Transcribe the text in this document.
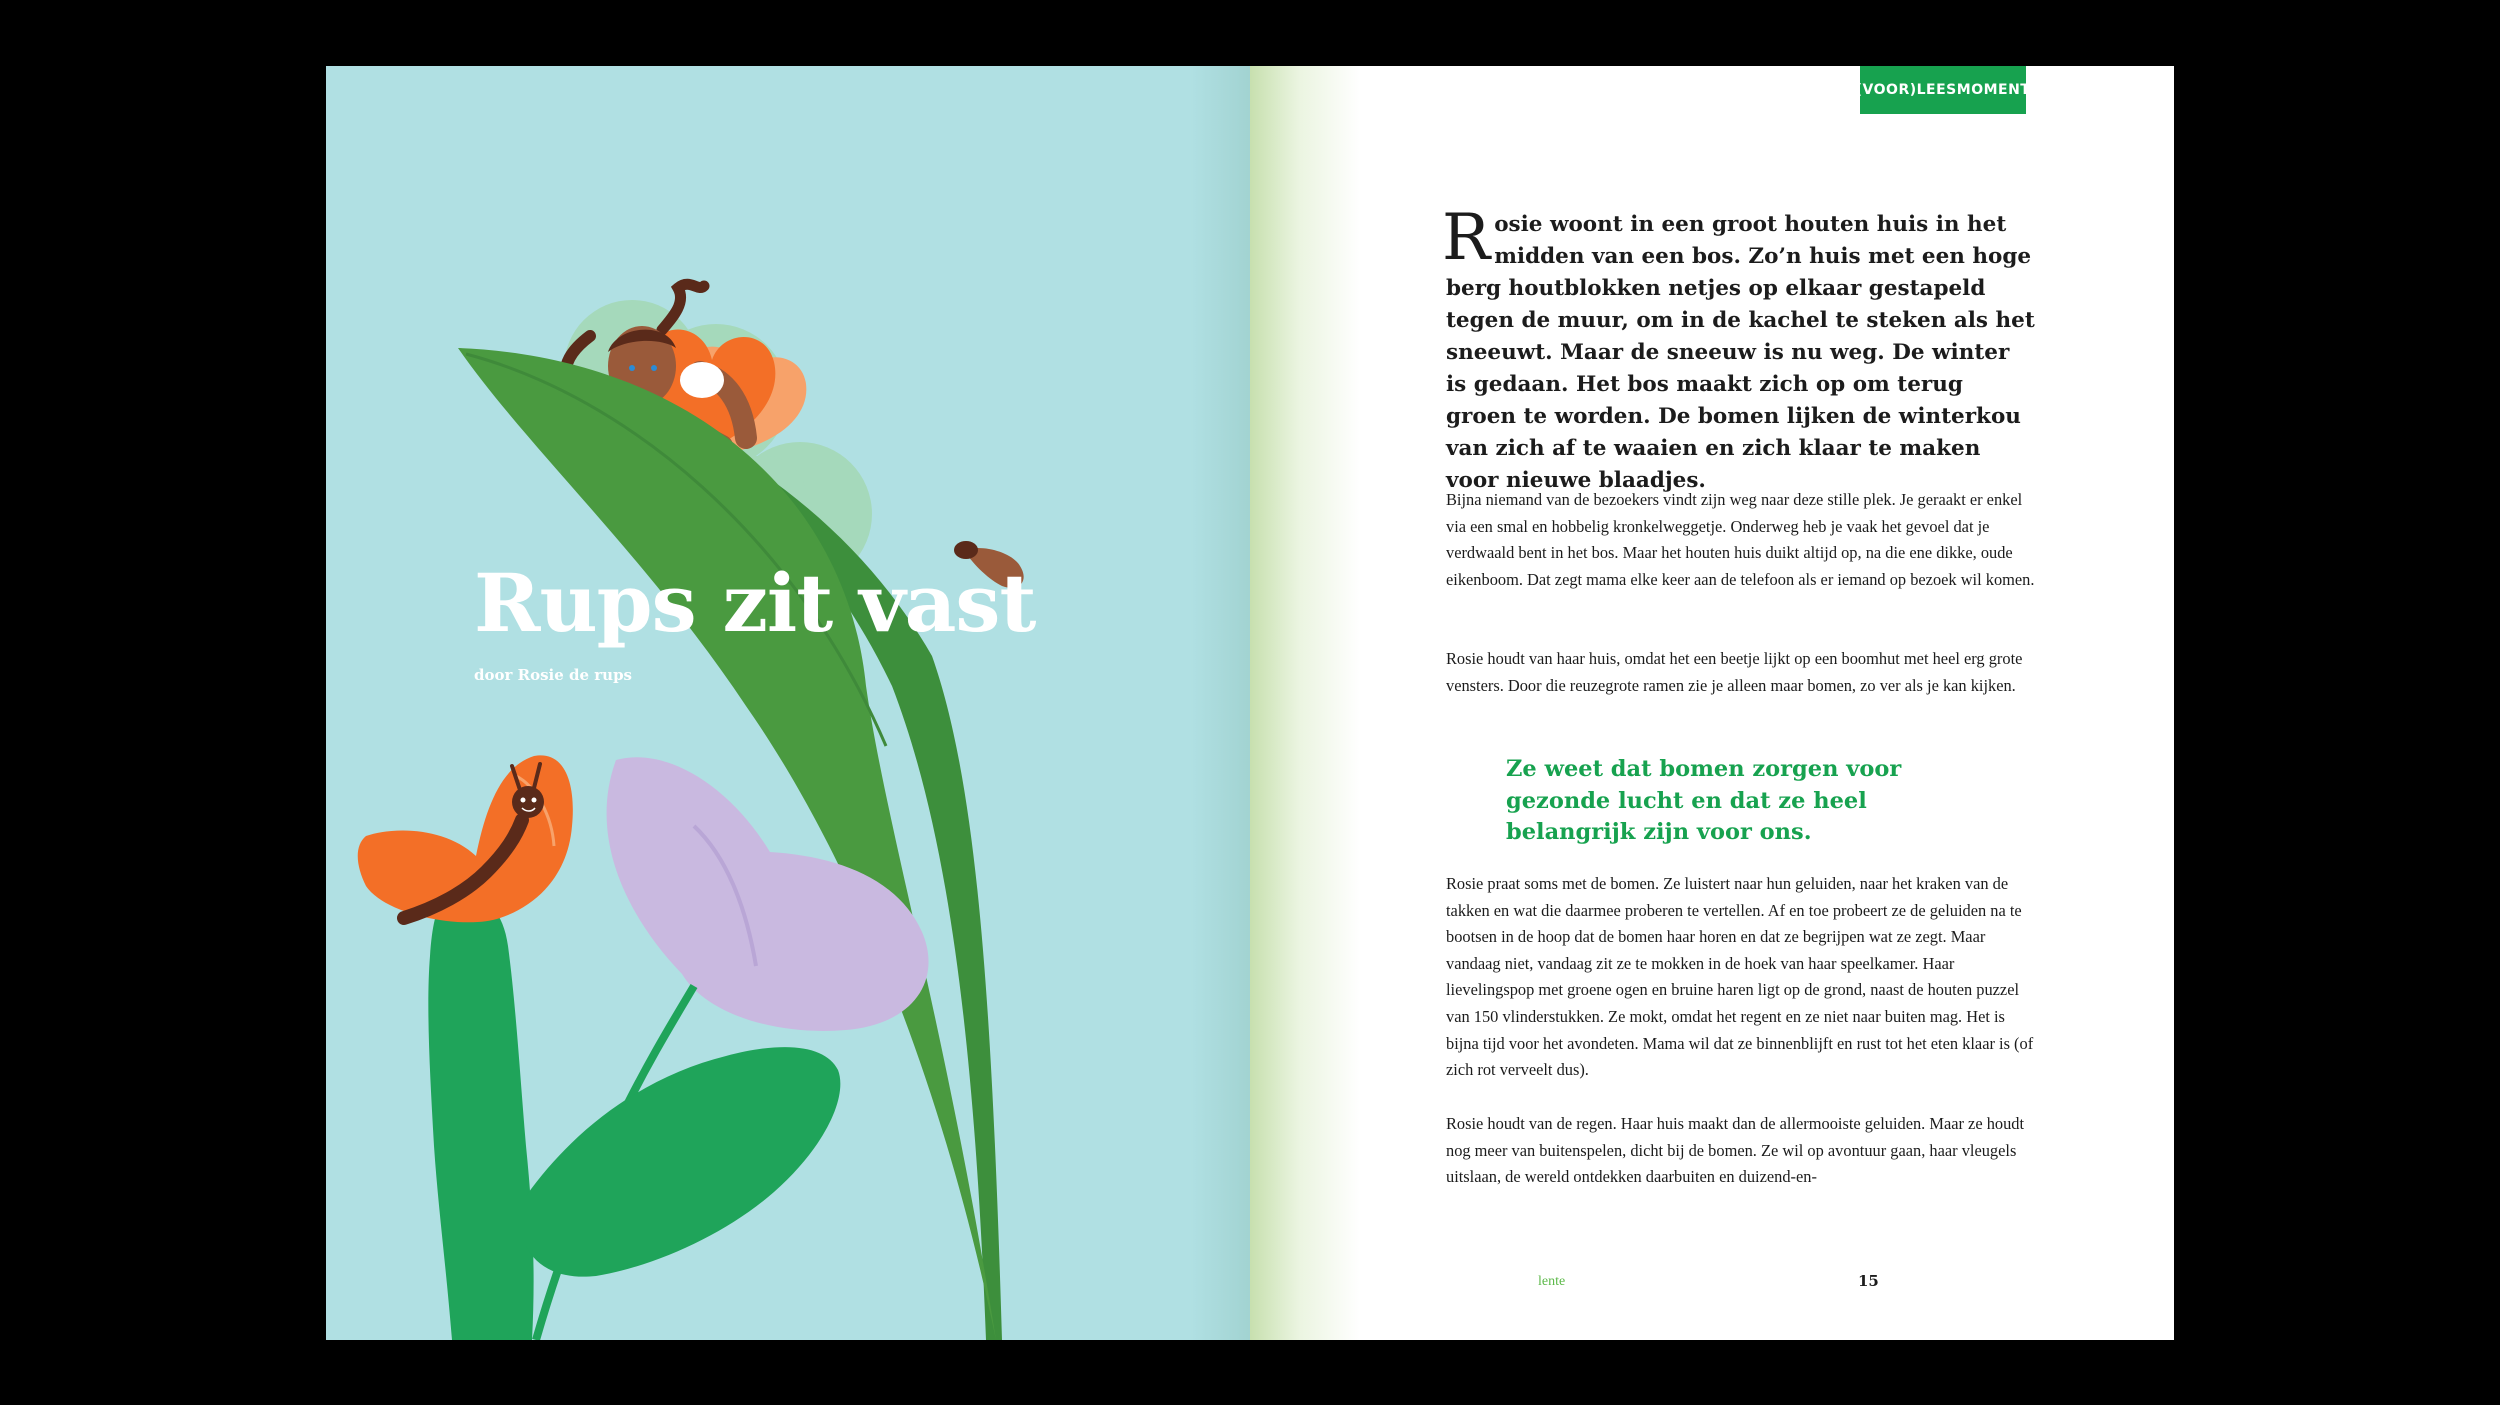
Rups zit vast
door Rosie de rups
(VOOR)LEESMOMENT

Rosie woont in een groot houten huis in het midden van een bos. Zo’n huis met een hoge berg houtblokken netjes op elkaar gestapeld tegen de muur, om in de kachel te steken als het sneeuwt. Maar de sneeuw is nu weg. De winter is gedaan. Het bos maakt zich op om terug groen te worden. De bomen lijken de winterkou van zich af te waaien en zich klaar te maken voor nieuwe blaadjes.

Bijna niemand van de bezoekers vindt zijn weg naar deze stille plek. Je geraakt er enkel via een smal en hobbelig kronkelweggetje. Onderweg heb je vaak het gevoel dat je verdwaald bent in het bos. Maar het houten huis duikt altijd op, na die ene dikke, oude eikenboom. Dat zegt mama elke keer aan de telefoon als er iemand op bezoek wil komen.

Rosie houdt van haar huis, omdat het een beetje lijkt op een boomhut met heel erg grote vensters. Door die reuzegrote ramen zie je alleen maar bomen, zo ver als je kan kijken.

Ze weet dat bomen zorgen voor gezonde lucht en dat ze heel belangrijk zijn voor ons.

Rosie praat soms met de bomen. Ze luistert naar hun geluiden, naar het kraken van de takken en wat die daarmee proberen te vertellen. Af en toe probeert ze de geluiden na te bootsen in de hoop dat de bomen haar horen en dat ze begrijpen wat ze zegt. Maar vandaag niet, vandaag zit ze te mokken in de hoek van haar speelkamer. Haar lievelingspop met groene ogen en bruine haren ligt op de grond, naast de houten puzzel van 150 vlinderstukken. Ze mokt, omdat het regent en ze niet naar buiten mag. Het is bijna tijd voor het avondeten. Mama wil dat ze binnenblijft en rust tot het eten klaar is (of zich rot verveelt dus).

Rosie houdt van de regen. Haar huis maakt dan de allermooiste geluiden. Maar ze houdt nog meer van buitenspelen, dicht bij de bomen. Ze wil op avontuur gaan, haar vleugels uitslaan, de wereld ontdekken daarbuiten en duizend-en-

lente	15
